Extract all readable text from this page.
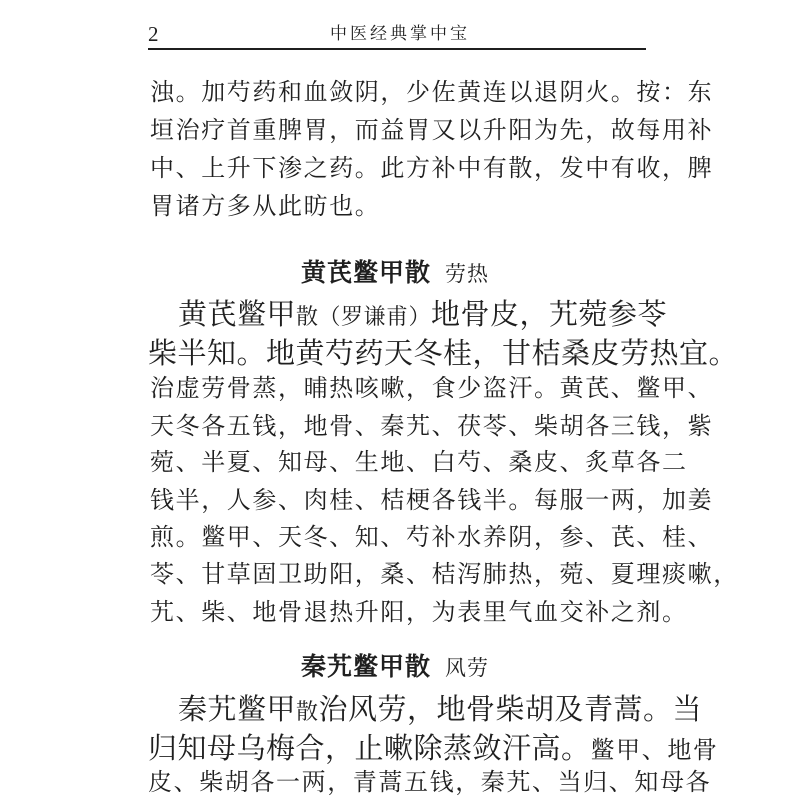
2	中医经典掌中宝
浊。加芍药和血敛阴，少佐黄连以退阴火。按：东
垣治疗首重脾胃，而益胃又以升阳为先，故每用补
中、上升下渗之药。此方补中有散，发中有收，脾
胃诸方多从此昉也。
黄芪鳖甲散 劳热
黄芪鳖甲散（罗谦甫）地骨皮，艽菀参苓
柴半知。地黄芍药天冬桂，甘桔桑皮劳热宜。
治虚劳骨蒸，晡热咳嗽，食少盗汗。黄芪、鳖甲、
天冬各五钱，地骨、秦艽、茯苓、柴胡各三钱，紫
菀、半夏、知母、生地、白芍、桑皮、炙草各二
钱半，人参、肉桂、桔梗各钱半。每服一两，加姜
煎。鳖甲、天冬、知、芍补水养阴，参、芪、桂、
苓、甘草固卫助阳，桑、桔泻肺热，菀、夏理痰嗽，
艽、柴、地骨退热升阳，为表里气血交补之剂。
秦艽鳖甲散 风劳
秦艽鳖甲散治风劳，地骨柴胡及青蒿。当
归知母乌梅合，止嗽除蒸敛汗高。鳖甲、地骨
皮、柴胡各一两，青蒿五钱，秦艽、当归、知母各
